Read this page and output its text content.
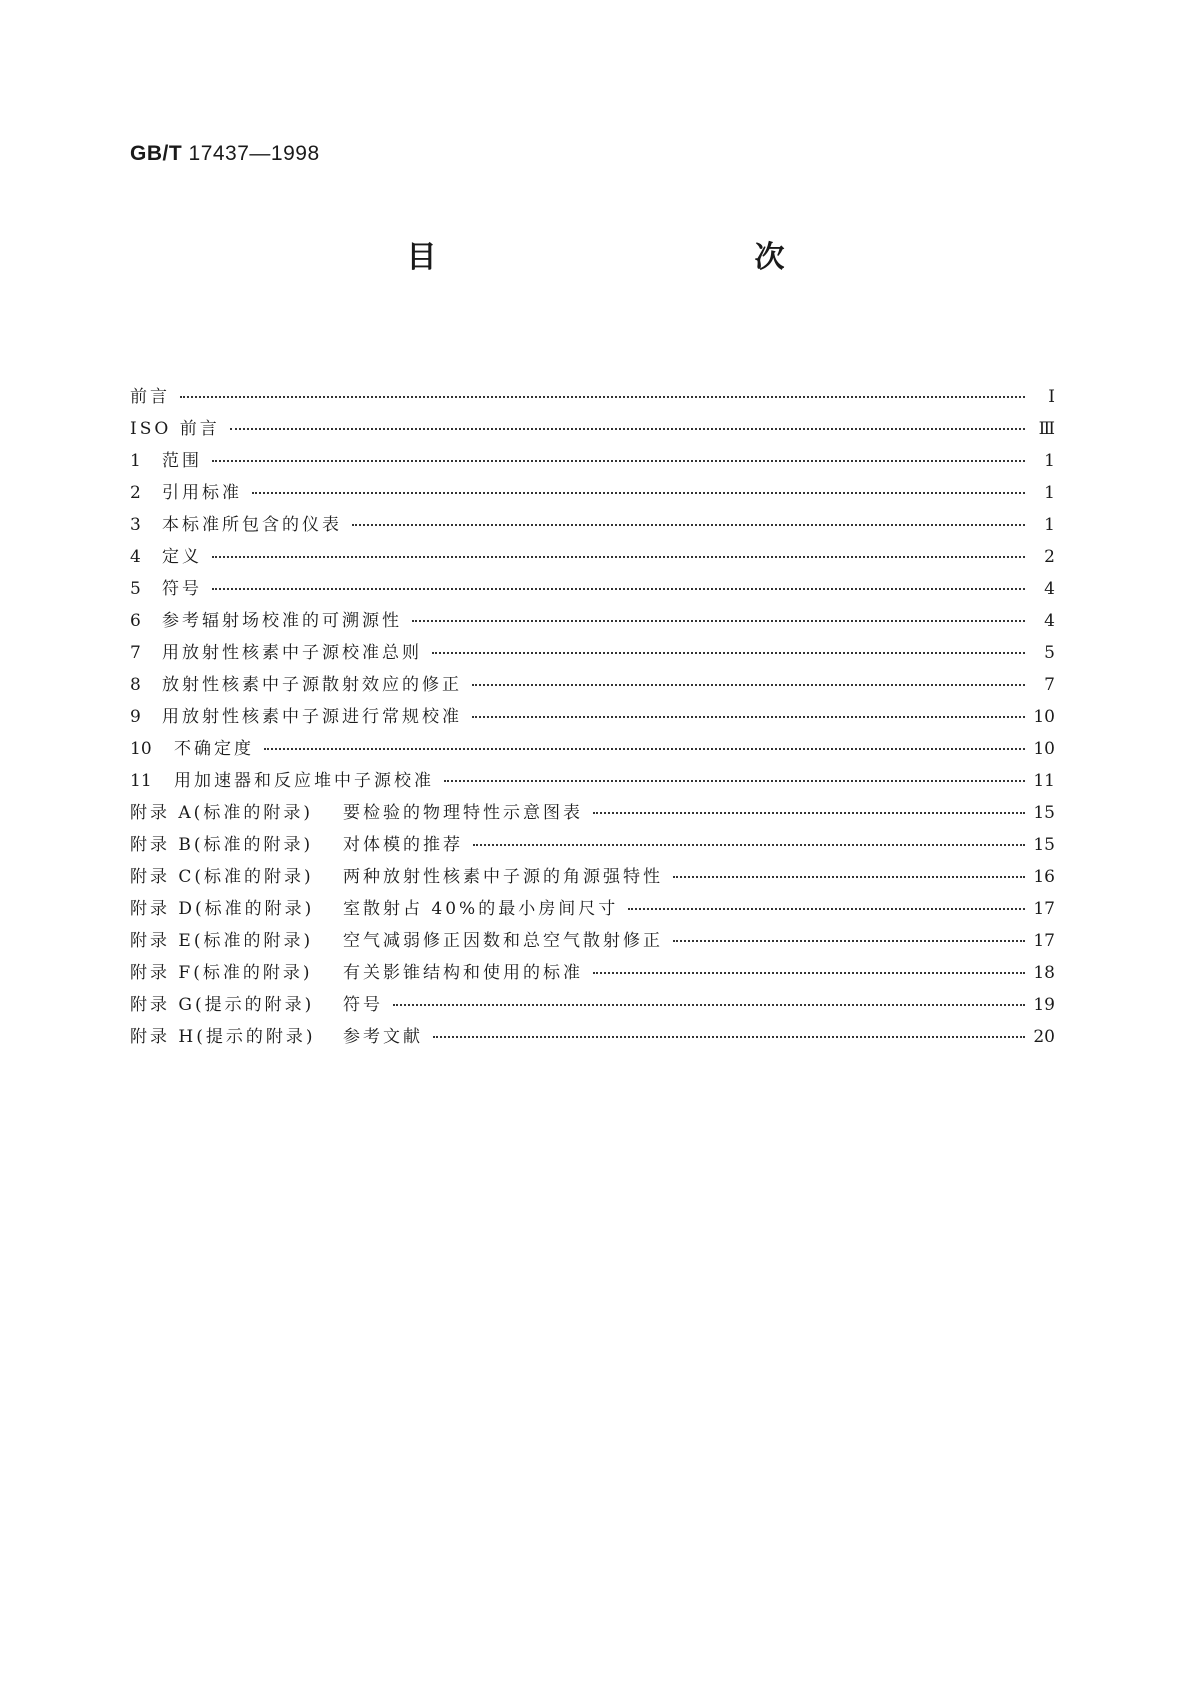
GB/T 17437—1998
目　　次
前言	I
ISO 前言	Ⅲ
1 范围	1
2 引用标准	1
3 本标准所包含的仪表	1
4 定义	2
5 符号	4
6 参考辐射场校准的可溯源性	4
7 用放射性核素中子源校准总则	5
8 放射性核素中子源散射效应的修正	7
9 用放射性核素中子源进行常规校准	10
10 不确定度	10
11 用加速器和反应堆中子源校准	11
附录 A(标准的附录) 要检验的物理特性示意图表	15
附录 B(标准的附录) 对体模的推荐	15
附录 C(标准的附录) 两种放射性核素中子源的角源强特性	16
附录 D(标准的附录) 室散射占 40%的最小房间尺寸	17
附录 E(标准的附录) 空气减弱修正因数和总空气散射修正	17
附录 F(标准的附录) 有关影锥结构和使用的标准	18
附录 G(提示的附录) 符号	19
附录 H(提示的附录) 参考文献	20
